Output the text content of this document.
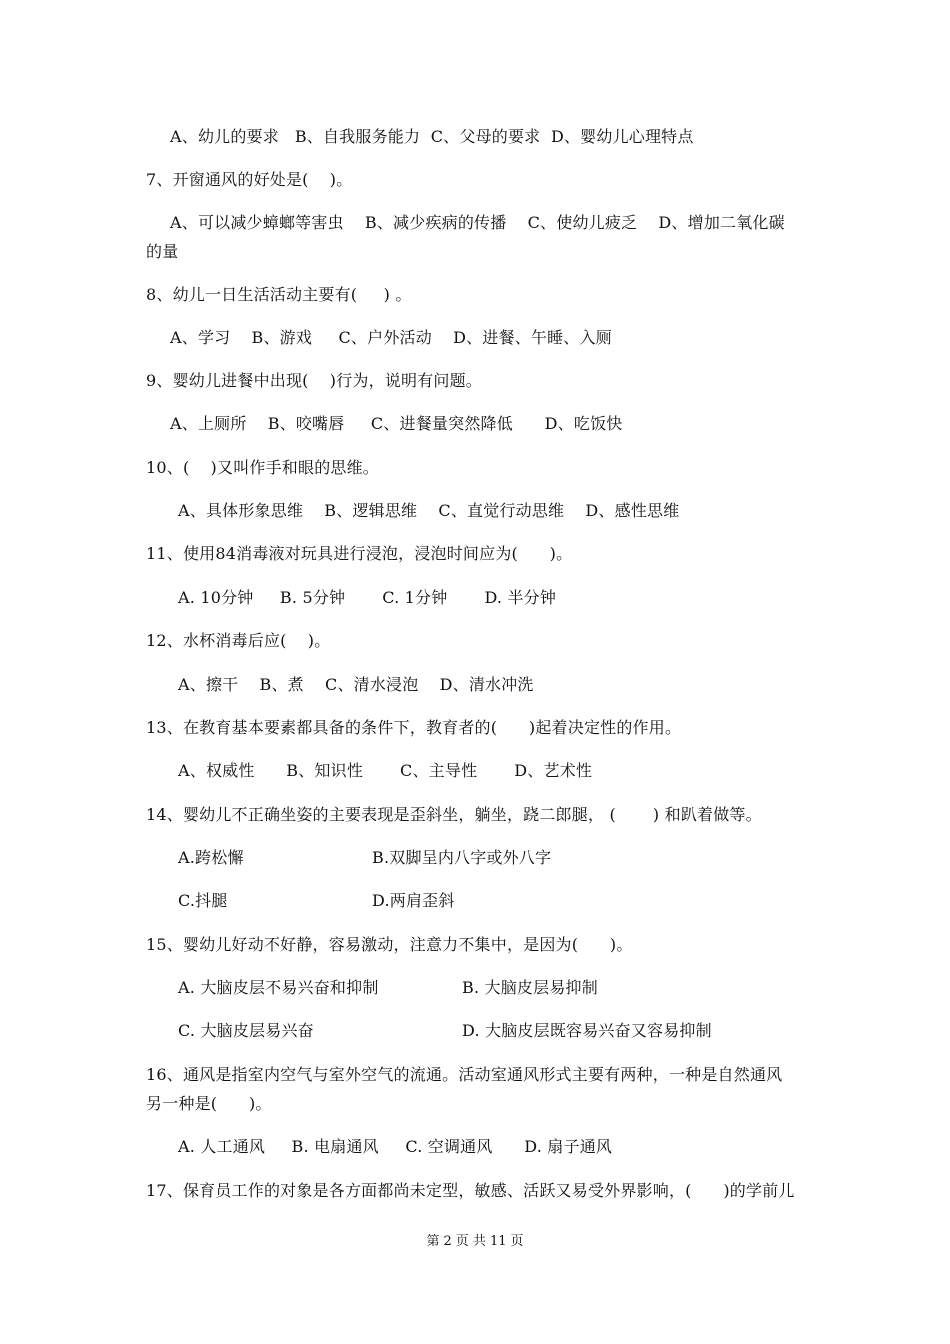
A、幼儿的要求   B、自我服务能力  C、父母的要求  D、婴幼儿心理特点
7、开窗通风的好处是(    )。
A、可以减少蟑螂等害虫    B、减少疾病的传播    C、使幼儿疲乏    D、增加二氧化碳
的量
8、幼儿一日生活活动主要有(     ) 。
A、学习    B、游戏     C、户外活动    D、进餐、午睡、入厕
9、婴幼儿进餐中出现(    )行为，说明有问题。
A、上厕所    B、咬嘴唇     C、进餐量突然降低      D、吃饭快
10、(    )又叫作手和眼的思维。
A、具体形象思维    B、逻辑思维    C、直觉行动思维    D、感性思维
11、使用84消毒液对玩具进行浸泡，浸泡时间应为(      )。
A. 10分钟     B. 5分钟       C. 1分钟       D. 半分钟
12、水杯消毒后应(    )。
A、擦干    B、煮    C、清水浸泡    D、清水冲洗
13、在教育基本要素都具备的条件下，教育者的(      )起着决定性的作用。
A、权威性      B、知识性       C、主导性       D、艺术性
14、婴幼儿不正确坐姿的主要表现是歪斜坐，躺坐，跷二郎腿， (       ) 和趴着做等。
A.跨松懈	B.双脚呈内八字或外八字
C.抖腿	D.两肩歪斜
15、婴幼儿好动不好静，容易激动，注意力不集中，是因为(      )。
A. 大脑皮层不易兴奋和抑制	B. 大脑皮层易抑制
C. 大脑皮层易兴奋	D. 大脑皮层既容易兴奋又容易抑制
16、通风是指室内空气与室外空气的流通。活动室通风形式主要有两种，一种是自然通风
另一种是(      )。
A. 人工通风     B. 电扇通风     C. 空调通风      D. 扇子通风
17、保育员工作的对象是各方面都尚未定型，敏感、活跃又易受外界影响，(      )的学前儿
第 2 页 共 11 页
